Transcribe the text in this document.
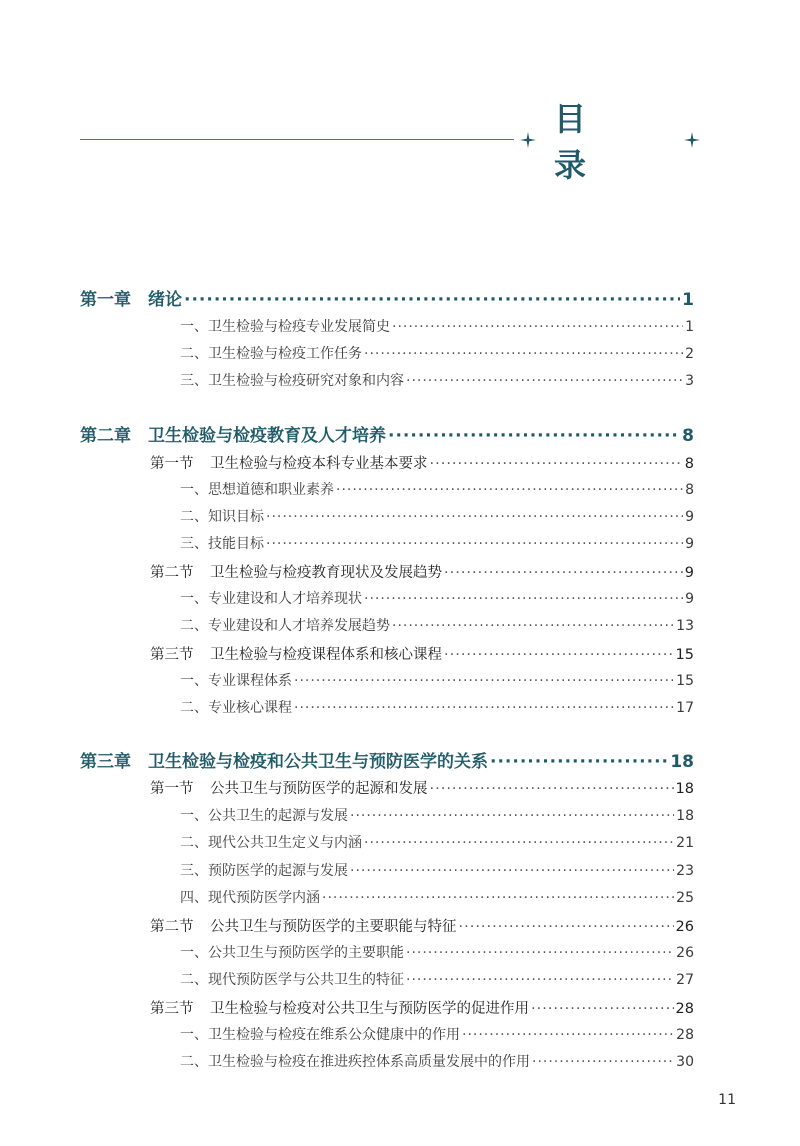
目 录
第一章	绪论 ·····	1
一、卫生检验与检疫专业发展简史 ·····	1
二、卫生检验与检疫工作任务 ·····	2
三、卫生检验与检疫研究对象和内容 ·····	3
第二章	卫生检验与检疫教育及人才培养 ·····	8
第一节	卫生检验与检疫本科专业基本要求 ·····	8
一、思想道德和职业素养 ·····	8
二、知识目标 ·····	9
三、技能目标 ·····	9
第二节	卫生检验与检疫教育现状及发展趋势 ·····	9
一、专业建设和人才培养现状 ·····	9
二、专业建设和人才培养发展趋势 ·····	13
第三节	卫生检验与检疫课程体系和核心课程 ·····	15
一、专业课程体系 ·····	15
二、专业核心课程 ·····	17
第三章	卫生检验与检疫和公共卫生与预防医学的关系 ·····	18
第一节	公共卫生与预防医学的起源和发展 ·····	18
一、公共卫生的起源与发展 ·····	18
二、现代公共卫生定义与内涵 ·····	21
三、预防医学的起源与发展 ·····	23
四、现代预防医学内涵 ·····	25
第二节	公共卫生与预防医学的主要职能与特征 ·····	26
一、公共卫生与预防医学的主要职能 ·····	26
二、现代预防医学与公共卫生的特征 ·····	27
第三节	卫生检验与检疫对公共卫生与预防医学的促进作用 ·····	28
一、卫生检验与检疫在维系公众健康中的作用 ·····	28
二、卫生检验与检疫在推进疾控体系高质量发展中的作用 ·····	30
11
